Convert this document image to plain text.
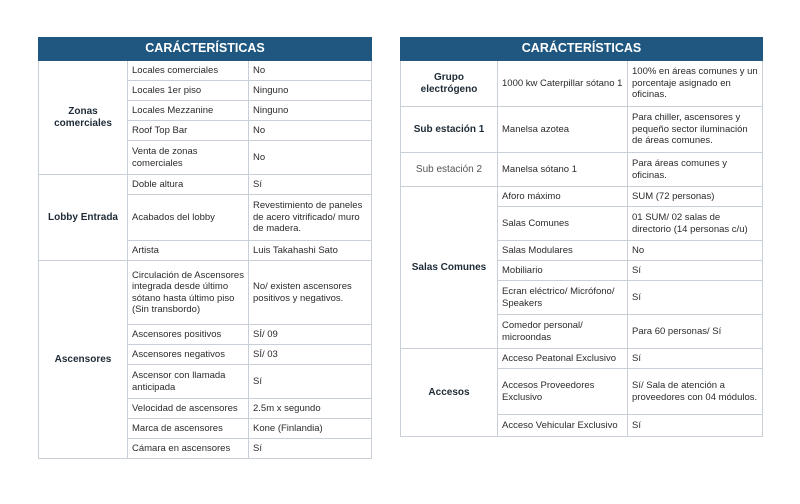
CARÁCTERÍSTICAS		
Zonas comerciales	Locales comerciales	No
	Locales 1er piso	Ninguno
	Locales Mezzanine	Ninguno
	Roof Top Bar	No
	Venta de zonas comerciales	No
Lobby Entrada	Doble altura	Sí
	Acabados del lobby	Revestimiento de paneles de acero vitrificado/ muro de madera.
	Artista	Luis Takahashi Sato
Ascensores	Circulación de Ascensores integrada desde último sótano hasta último piso (Sin transbordo)	No/ existen ascensores positivos y negativos.
	Ascensores positivos	SÍ/ 09
	Ascensores negativos	SÍ/ 03
	Ascensor con llamada anticipada	Sí
	Velocidad de ascensores	2.5m x segundo
	Marca de ascensores	Kone (Finlandia)
	Cámara en ascensores	Sí
CARÁCTERÍSTICAS		
Grupo electrógeno	1000 kw Caterpillar sótano 1	100% en áreas comunes y un porcentaje asignado en oficinas.
Sub estación 1	Manelsa azotea	Para chiller, ascensores y pequeño sector iluminación de áreas comunes.
Sub estación 2	Manelsa sótano 1	Para áreas comunes y oficinas.
Salas Comunes	Aforo máximo	SUM (72 personas)
	Salas Comunes	01 SUM/ 02 salas de directorio (14 personas c/u)
	Salas Modulares	No
	Mobiliario	Sí
	Ecran eléctrico/ Micrófono/ Speakers	Sí
	Comedor personal/ microondas	Para 60 personas/ Sí
Accesos	Acceso Peatonal Exclusivo	Sí
	Accesos Proveedores Exclusivo	Sí/ Sala de atención a proveedores con 04 módulos.
	Acceso Vehicular Exclusivo	Sí
